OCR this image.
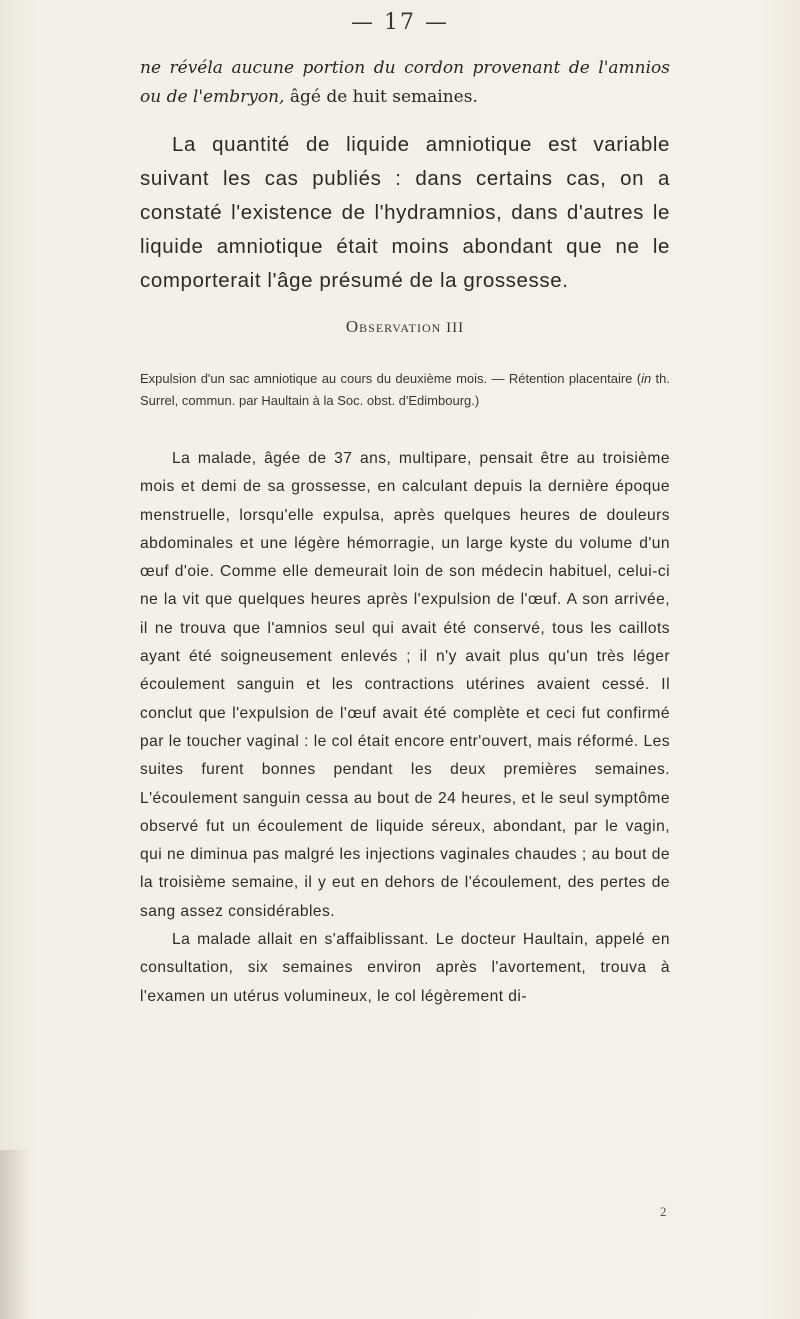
— 17 —
ne révéla aucune portion du cordon provenant de l'amnios ou de l'embryon, âgé de huit semaines.
La quantité de liquide amniotique est variable suivant les cas publiés : dans certains cas, on a constaté l'existence de l'hydramnios, dans d'autres le liquide amniotique était moins abondant que ne le comporterait l'âge présumé de la grossesse.
Observation III
Expulsion d'un sac amniotique au cours du deuxième mois. — Rétention placentaire (in th. Surrel, commun. par Haultain à la Soc. obst. d'Edimbourg.)

La malade, âgée de 37 ans, multipare, pensait être au troisième mois et demi de sa grossesse, en calculant depuis la dernière époque menstruelle, lorsqu'elle expulsa, après quelques heures de douleurs abdominales et une légère hémorragie, un large kyste du volume d'un œuf d'oie. Comme elle demeurait loin de son médecin habituel, celui-ci ne la vit que quelques heures après l'expulsion de l'œuf. A son arrivée, il ne trouva que l'amnios seul qui avait été conservé, tous les caillots ayant été soigneusement enlevés ; il n'y avait plus qu'un très léger écoulement sanguin et les contractions utérines avaient cessé. Il conclut que l'expulsion de l'œuf avait été complète et ceci fut confirmé par le toucher vaginal : le col était encore entr'ouvert, mais réformé. Les suites furent bonnes pendant les deux premières semaines. L'écoulement sanguin cessa au bout de 24 heures, et le seul symptôme observé fut un écoulement de liquide séreux, abondant, par le vagin, qui ne diminua pas malgré les injections vaginales chaudes ; au bout de la troisième semaine, il y eut en dehors de l'écoulement, des pertes de sang assez considérables.

La malade allait en s'affaiblissant. Le docteur Haultain, appelé en consultation, six semaines environ après l'avortement, trouva à l'examen un utérus volumineux, le col légèrement di-

2
